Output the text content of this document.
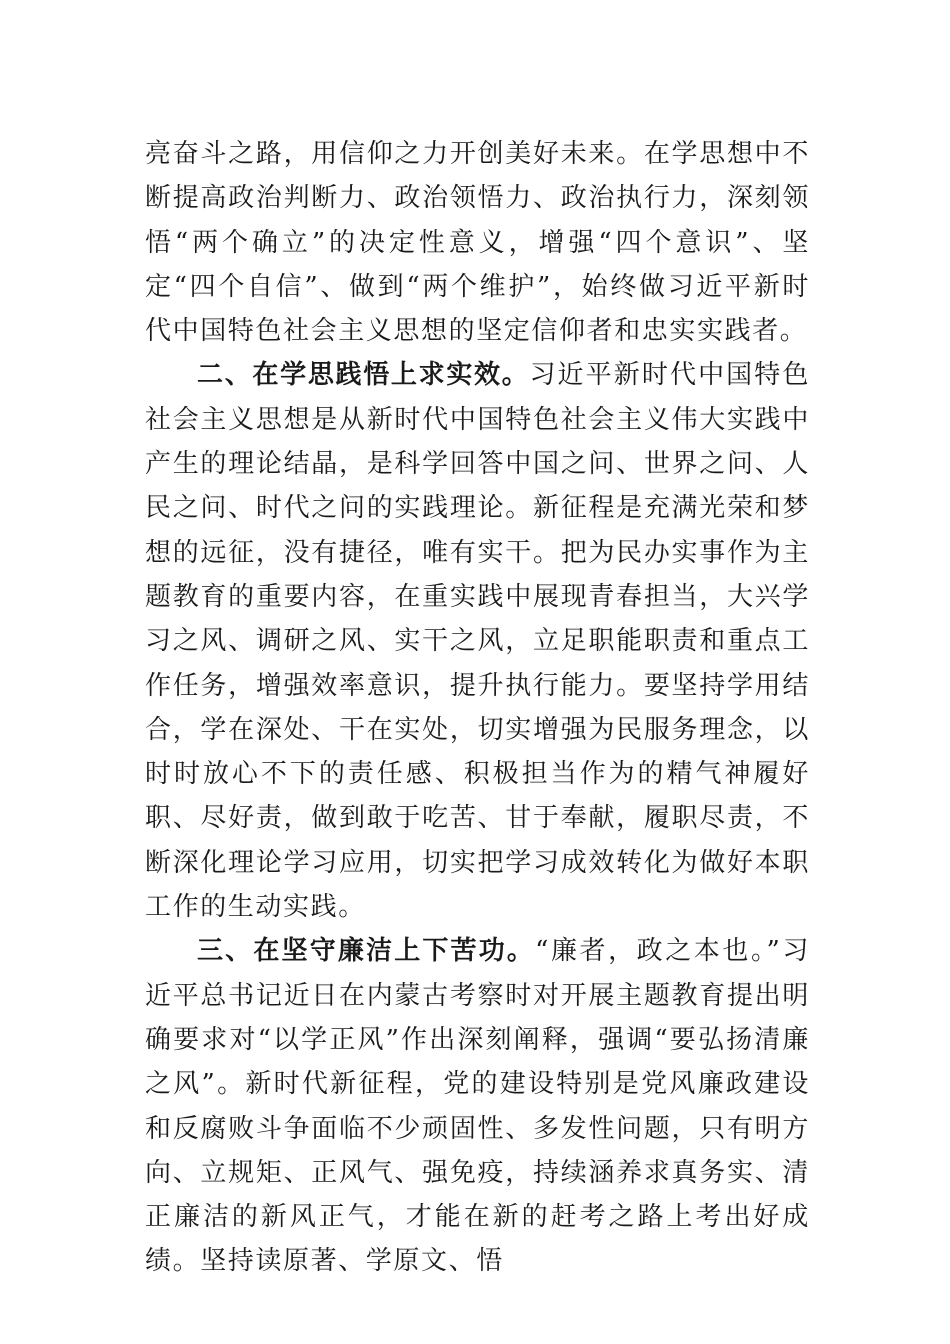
亮奋斗之路，用信仰之力开创美好未来。在学思想中不断提高政治判断力、政治领悟力、政治执行力，深刻领悟“两个确立”的决定性意义，增强“四个意识”、坚定“四个自信”、做到“两个维护”，始终做习近平新时代中国特色社会主义思想的坚定信仰者和忠实实践者。

二、在学思践悟上求实效。习近平新时代中国特色社会主义思想是从新时代中国特色社会主义伟大实践中产生的理论结晶，是科学回答中国之问、世界之问、人民之问、时代之问的实践理论。新征程是充满光荣和梦想的远征，没有捷径，唯有实干。把为民办实事作为主题教育的重要内容，在重实践中展现青春担当，大兴学习之风、调研之风、实干之风，立足职能职责和重点工作任务，增强效率意识，提升执行能力。要坚持学用结合，学在深处、干在实处，切实增强为民服务理念，以时时放心不下的责任感、积极担当作为的精气神履好职、尽好责，做到敢于吃苦、甘于奉献，履职尽责，不断深化理论学习应用，切实把学习成效转化为做好本职工作的生动实践。

三、在坚守廉洁上下苦功。“廉者，政之本也。”习近平总书记近日在内蒙古考察时对开展主题教育提出明确要求对“以学正风”作出深刻阐释，强调“要弘扬清廉之风”。新时代新征程，党的建设特别是党风廉政建设和反腐败斗争面临不少顽固性、多发性问题，只有明方向、立规矩、正风气、强免疫，持续涵养求真务实、清正廉洁的新风正气，才能在新的赶考之路上考出好成绩。坚持读原著、学原文、悟
